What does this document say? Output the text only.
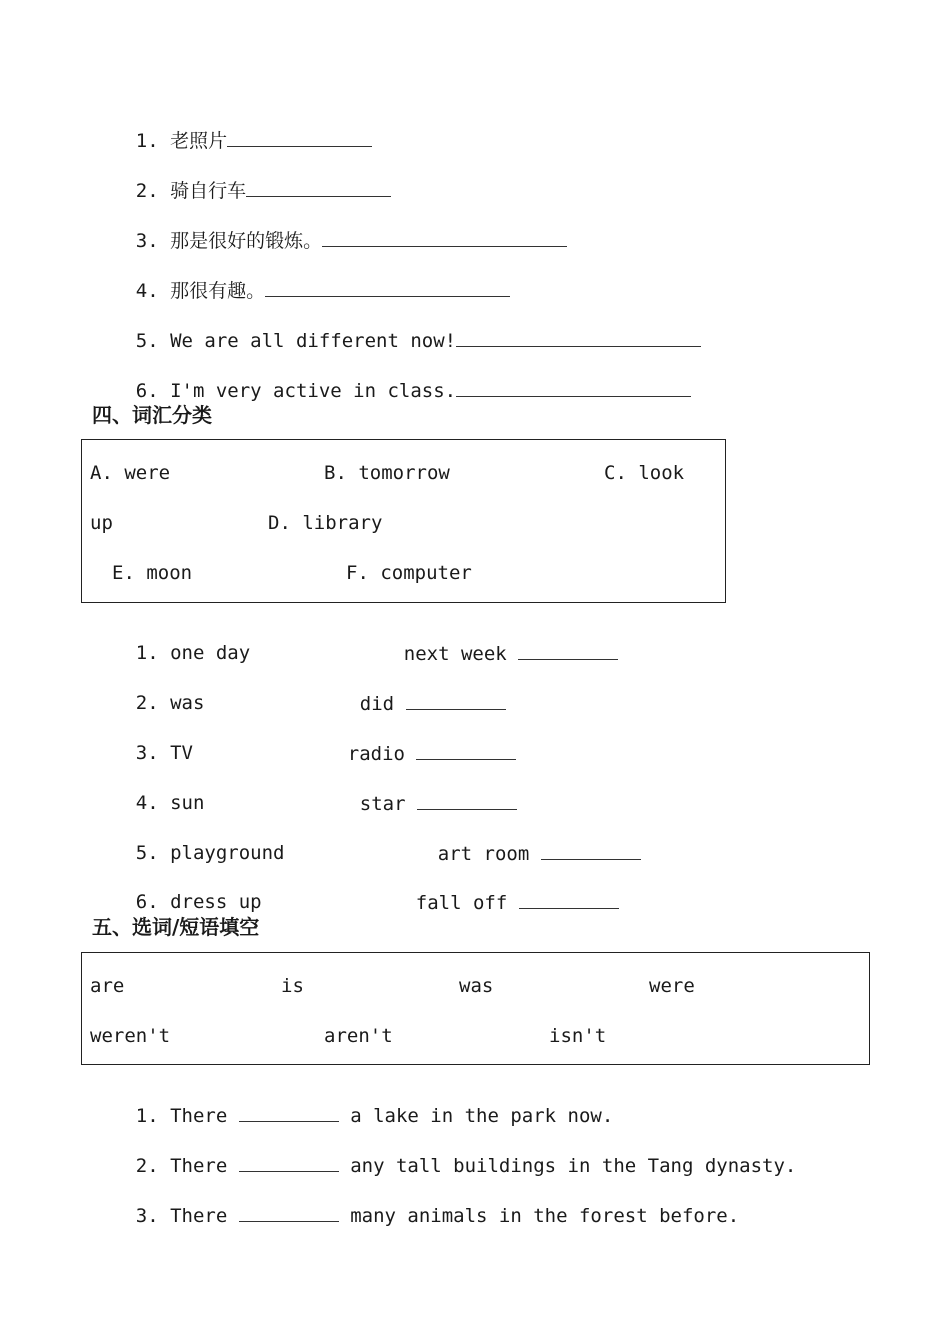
1. 老照片

2. 骑自行车

3. 那是很好的锻炼。

4. 那很有趣。

5. We are all different now!

6. I'm very active in class.

四、词汇分类
A. were	B. tomorrow	C. look
up	D. library
E. moon	F. computer

1. one day
	next week

2. was
	did

3. TV
	radio

4. sun
	star

5. playground
	art room

6. dress up
	fall off

五、选词/短语填空
are	is	was	were
weren't	aren't	isn't

1. There	a lake in the park now.

2. There	any tall buildings in the Tang dynasty.

3. There	many animals in the forest before.
